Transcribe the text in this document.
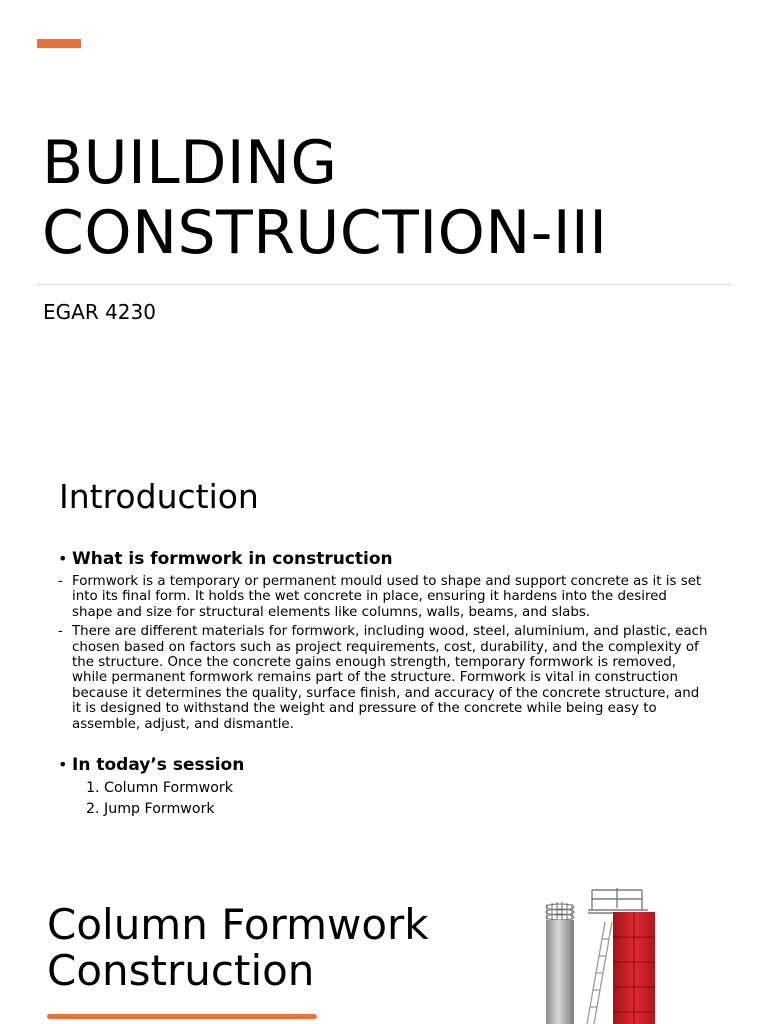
BUILDING
CONSTRUCTION-III

EGAR 4230

Introduction
• What is formwork in construction
- Formwork is a temporary or permanent mould used to shape and support concrete as it is set into its final form. It holds the wet concrete in place, ensuring it hardens into the desired shape and size for structural elements like columns, walls, beams, and slabs.
- There are different materials for formwork, including wood, steel, aluminium, and plastic, each chosen based on factors such as project requirements, cost, durability, and the complexity of the structure. Once the concrete gains enough strength, temporary formwork is removed, while permanent formwork remains part of the structure. Formwork is vital in construction because it determines the quality, surface finish, and accuracy of the concrete structure, and it is designed to withstand the weight and pressure of the concrete while being easy to assemble, adjust, and dismantle.
• In today’s session
1. Column Formwork
2. Jump Formwork
Column Formwork
Construction
